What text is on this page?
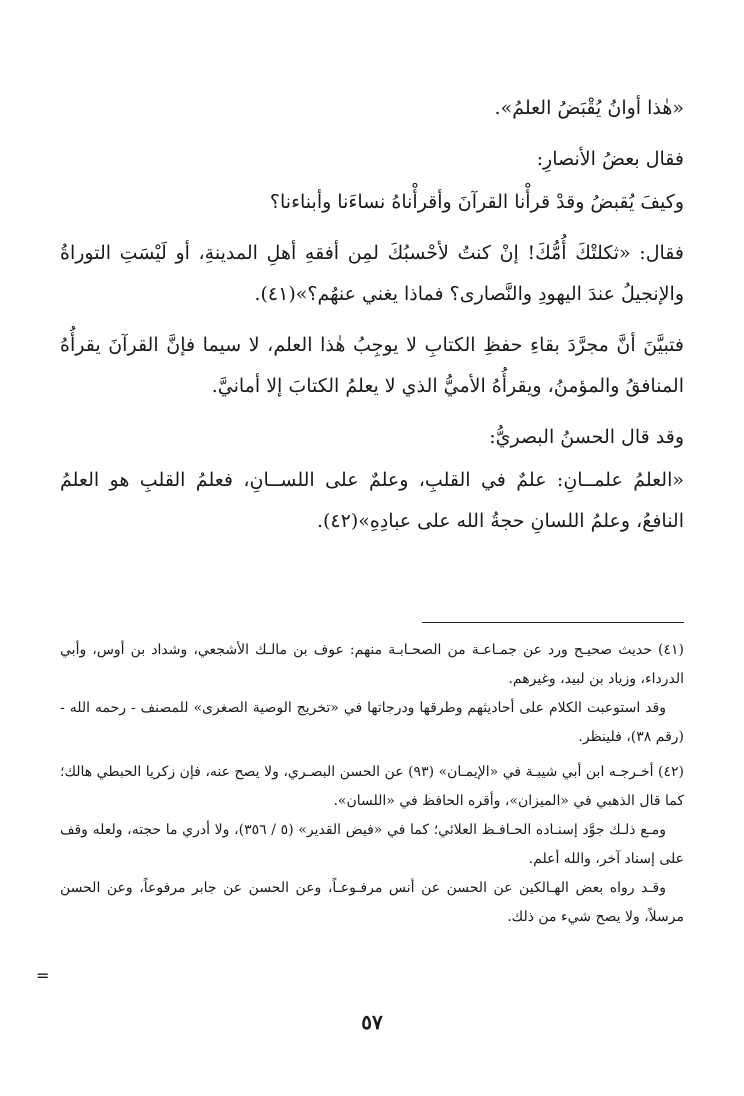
«هٰذا أوانُ يُقْبَضُ العلمُ».

فقال بعضُ الأنصارِ:

وكيفَ يُقبضُ وقدْ قرأْنا القرآنَ وأقرأْناهُ نساءَنا وأبناءنا؟

فقال: «ثكلتْكَ أُمُّكَ! إنْ كنتُ لأحْسبُكَ لمِن أفقهِ أهلِ المدينةِ، أو لَيْسَتِ التوراةُ والإنجيلُ عندَ اليهودِ والنَّصارى؟ فماذا يغني عنهُم؟»(٤١).

فتبيَّنَ أنَّ مجرَّدَ بقاءِ حفظِ الكتابِ لا يوجِبُ هٰذا العلم، لا سيما فإنَّ القرآنَ يقرأُهُ المنافقُ والمؤمنُ، ويقرأُهُ الأميُّ الذي لا يعلمُ الكتابَ إلا أمانيَّ.

وقد قال الحسنُ البصريُّ:

«العلمُ علمــانِ: علمٌ في القلبِ، وعلمٌ على اللســانِ، فعلمُ القلبِ هو العلمُ النافعُ، وعلمُ اللسانِ حجةُ الله على عبادِهِ»(٤٢).

(٤١) حديث صحيـح ورد عن جمـاعـة من الصحـابـة منهم: عوف بن مالـك الأشجعي، وشداد بن أوس، وأبي الدرداء، وزياد بن لبيد، وغيرهم.

وقد استوعبت الكلام على أحاديثهم وطرقها ودرجاتها في «تخريج الوصية الصغرى» للمصنف - رحمه الله - (رقم ٣٨)، فلينظر.

(٤٢) أخـرجـه ابن أبي شيبـة في «الإيمـان» (٩٣) عن الحسن البصـري، ولا يصح عنه، فإن زكريا الحبطي هالك؛ كما قال الذهبي في «الميزان»، وأقره الحافظ في «اللسان».

ومـع ذلـك جوَّد إسنـاده الحـافـظ العلائي؛ كما في «فيض القدير» (٥ / ٣٥٦)، ولا أدري ما حجته، ولعله وقف على إسناد آخر، والله أعلم.

وقـد رواه بعض الهـالكين عن الحسن عن أنس مرفـوعـاً، وعن الحسن عن جابر مرفوعاً، وعن الحسن مرسلاً، ولا يصح شيء من ذلك.

=
٥٧
